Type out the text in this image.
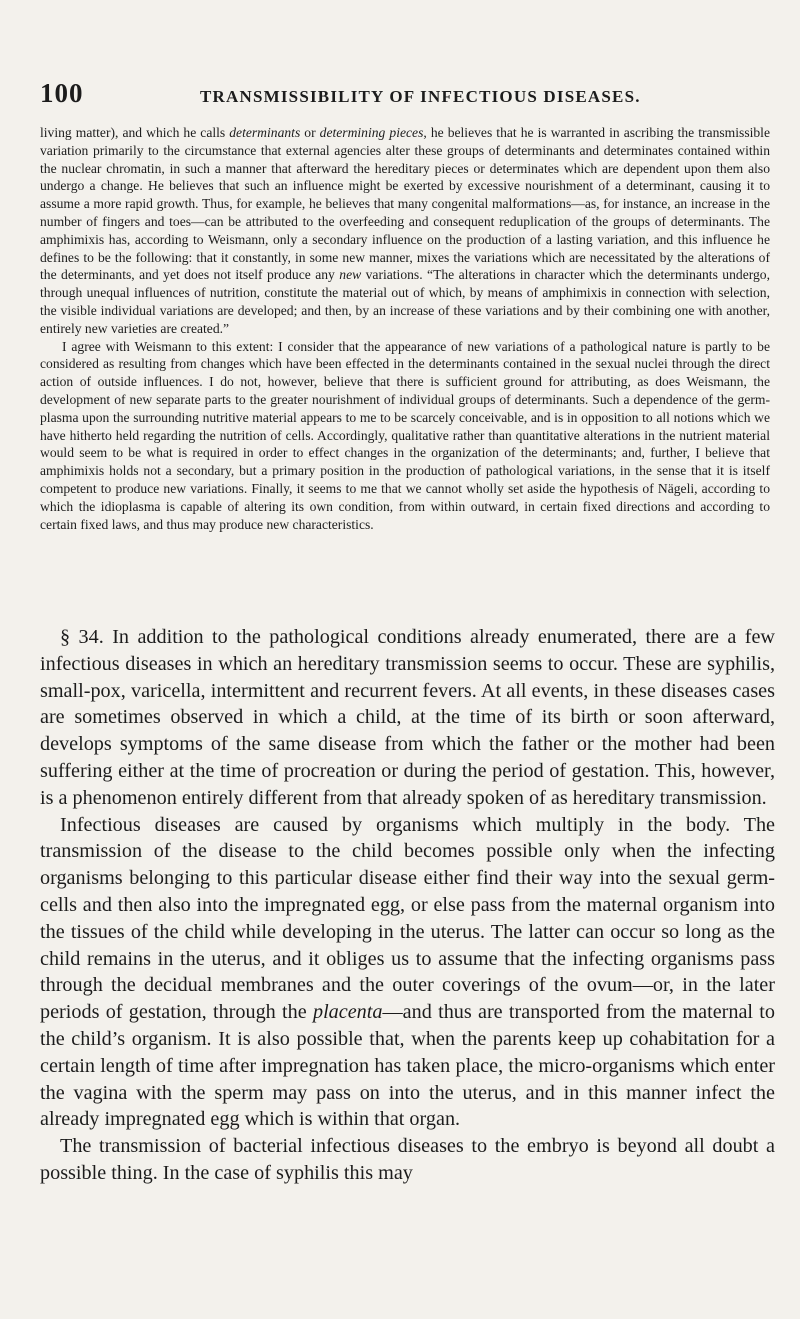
100	TRANSMISSIBILITY OF INFECTIOUS DISEASES.

living matter), and which he calls determinants or determining pieces, he believes that he is warranted in ascribing the transmissible variation primarily to the circumstance that external agencies alter these groups of determinants and determinates contained within the nuclear chromatin, in such a manner that afterward the hereditary pieces or determinates which are dependent upon them also undergo a change. He believes that such an influence might be exerted by excessive nourishment of a determinant, causing it to assume a more rapid growth. Thus, for example, he believes that many congenital malformations—as, for instance, an increase in the number of fingers and toes—can be attributed to the overfeeding and consequent reduplication of the groups of determinants. The amphimixis has, according to Weismann, only a secondary influence on the production of a lasting variation, and this influence he defines to be the following: that it constantly, in some new manner, mixes the variations which are necessitated by the alterations of the determinants, and yet does not itself produce any new variations. “The alterations in character which the determinants undergo, through unequal influences of nutrition, constitute the material out of which, by means of amphimixis in connection with selection, the visible individual variations are developed; and then, by an increase of these variations and by their combining one with another, entirely new varieties are created.”

I agree with Weismann to this extent: I consider that the appearance of new variations of a pathological nature is partly to be considered as resulting from changes which have been effected in the determinants contained in the sexual nuclei through the direct action of outside influences. I do not, however, believe that there is sufficient ground for attributing, as does Weismann, the development of new separate parts to the greater nourishment of individual groups of determinants. Such a dependence of the germ-plasma upon the surrounding nutritive material appears to me to be scarcely conceivable, and is in opposition to all notions which we have hitherto held regarding the nutrition of cells. Accordingly, qualitative rather than quantitative alterations in the nutrient material would seem to be what is required in order to effect changes in the organization of the determinants; and, further, I believe that amphimixis holds not a secondary, but a primary position in the production of pathological variations, in the sense that it is itself competent to produce new variations. Finally, it seems to me that we cannot wholly set aside the hypothesis of Nägeli, according to which the idioplasma is capable of altering its own condition, from within outward, in certain fixed directions and according to certain fixed laws, and thus may produce new characteristics.

§ 34. In addition to the pathological conditions already enumerated, there are a few infectious diseases in which an hereditary transmission seems to occur. These are syphilis, small-pox, varicella, intermittent and recurrent fevers. At all events, in these diseases cases are sometimes observed in which a child, at the time of its birth or soon afterward, develops symptoms of the same disease from which the father or the mother had been suffering either at the time of procreation or during the period of gestation. This, however, is a phenomenon entirely different from that already spoken of as hereditary transmission.

Infectious diseases are caused by organisms which multiply in the body. The transmission of the disease to the child becomes possible only when the infecting organisms belonging to this particular disease either find their way into the sexual germ-cells and then also into the impregnated egg, or else pass from the maternal organism into the tissues of the child while developing in the uterus. The latter can occur so long as the child remains in the uterus, and it obliges us to assume that the infecting organisms pass through the decidual membranes and the outer coverings of the ovum—or, in the later periods of gestation, through the placenta—and thus are transported from the maternal to the child’s organism. It is also possible that, when the parents keep up cohabitation for a certain length of time after impregnation has taken place, the micro-organisms which enter the vagina with the sperm may pass on into the uterus, and in this manner infect the already impregnated egg which is within that organ.

The transmission of bacterial infectious diseases to the embryo is beyond all doubt a possible thing. In the case of syphilis this may
